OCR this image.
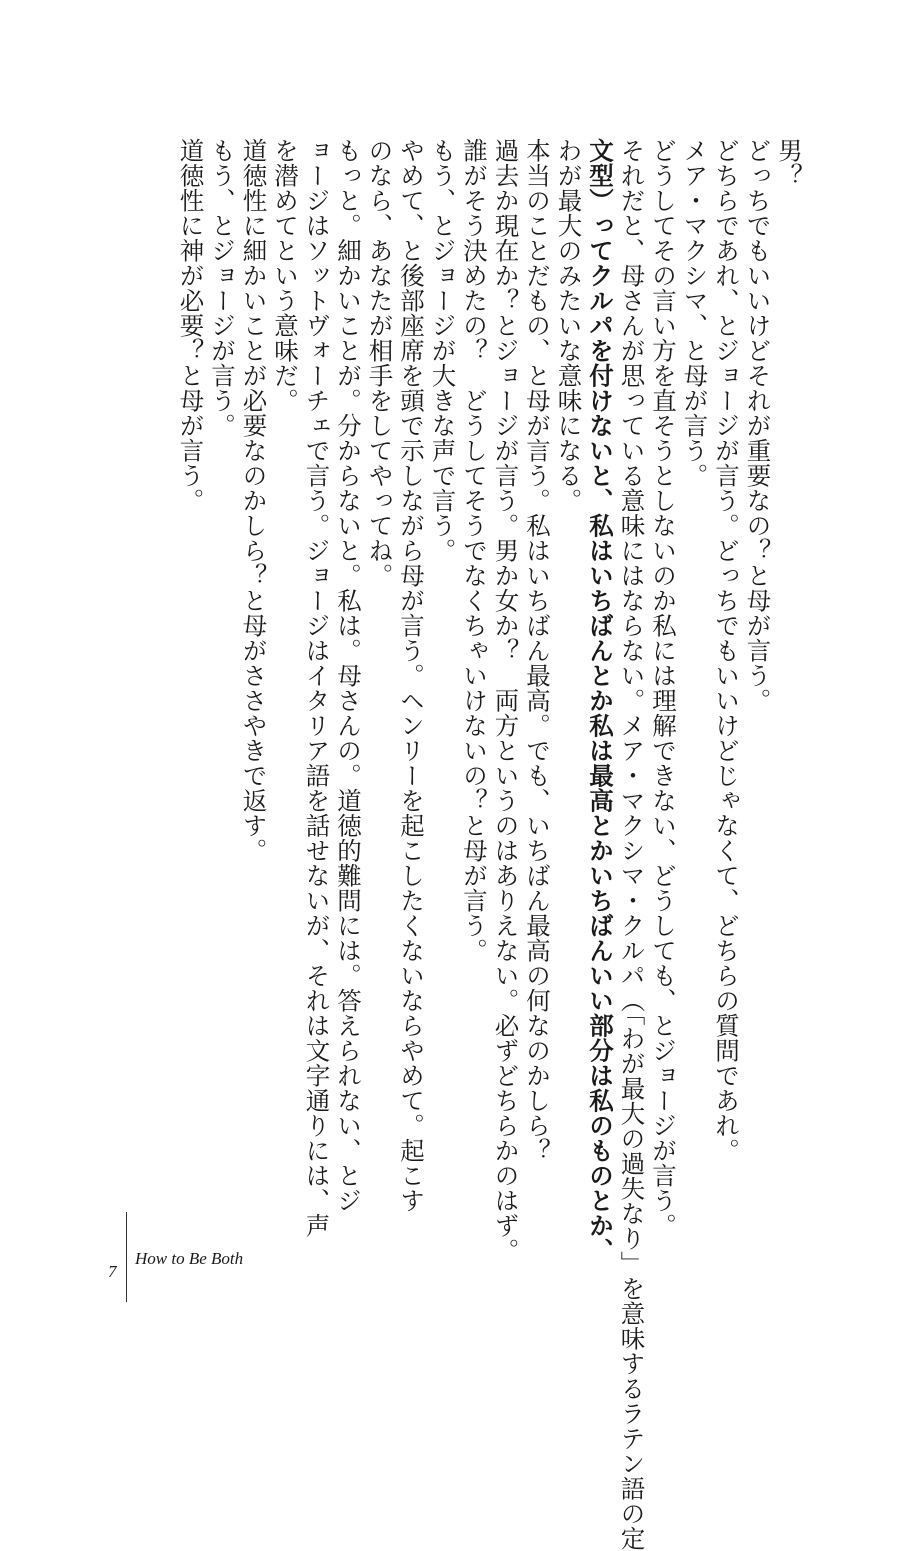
男？

どっちでもいいけどそれが重要なの？と母が言う。

どちらであれ、とジョージが言う。どっちでもいいけどじゃなくて、どちらの質問であれ。

メア・マクシマ、と母が言う。

どうしてその言い方を直そうとしないのか私には理解できない、どうしても、とジョージが言う。

それだと、母さんが思っている意味にはならない。メア・マクシマ・クルパ（「わが最大の過失なり」を意味するラテン語の定

文型）ってクルパを付けないと、私はいちばんとか私は最高とかいちばんいい部分は私のものとか、

わが最大のみたいな意味になる。

本当のことだもの、と母が言う。私はいちばん最高。でも、いちばん最高の何なのかしら？

過去か現在か？とジョージが言う。男か女か？　両方というのはありえない。必ずどちらかのはず。

誰がそう決めたの？　どうしてそうでなくちゃいけないの？と母が言う。

もう、とジョージが大きな声で言う。

やめて、と後部座席を頭で示しながら母が言う。ヘンリーを起こしたくないならやめて。起こす

のなら、あなたが相手をしてやってね。

もっと。細かいことが。分からないと。私は。母さんの。道徳的難問には。答えられない、とジ

ョージはソットヴォーチェで言う。ジョージはイタリア語を話せないが、それは文字通りには、声

を潜めてという意味だ。

道徳性に細かいことが必要なのかしら？と母がささやきで返す。

もう、とジョージが言う。

道徳性に神が必要？と母が言う。

7
How to Be Both
